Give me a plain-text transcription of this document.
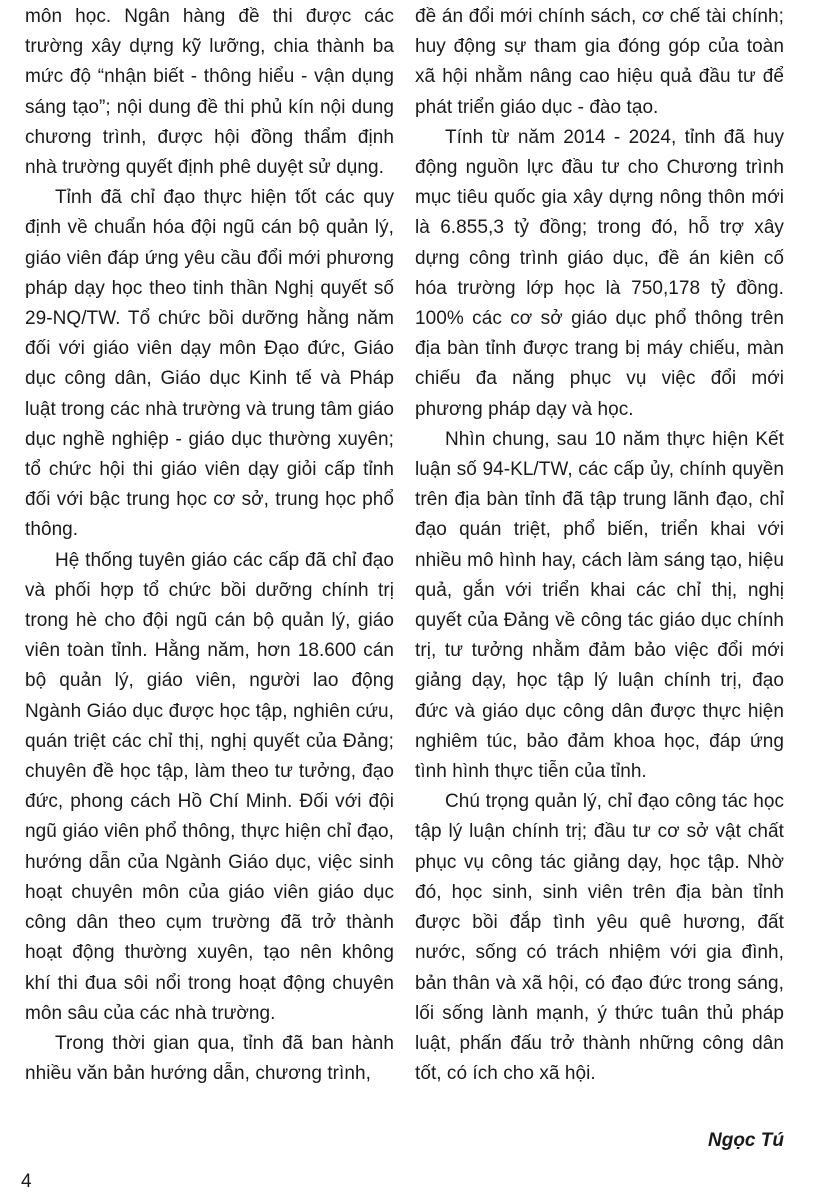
môn học. Ngân hàng đề thi được các trường xây dựng kỹ lưỡng, chia thành ba mức độ “nhận biết - thông hiểu - vận dụng sáng tạo”; nội dung đề thi phủ kín nội dung chương trình, được hội đồng thẩm định nhà trường quyết định phê duyệt sử dụng.

Tỉnh đã chỉ đạo thực hiện tốt các quy định về chuẩn hóa đội ngũ cán bộ quản lý, giáo viên đáp ứng yêu cầu đổi mới phương pháp dạy học theo tinh thần Nghị quyết số 29-NQ/TW. Tổ chức bồi dưỡng hằng năm đối với giáo viên dạy môn Đạo đức, Giáo dục công dân, Giáo dục Kinh tế và Pháp luật trong các nhà trường và trung tâm giáo dục nghề nghiệp - giáo dục thường xuyên; tổ chức hội thi giáo viên dạy giỏi cấp tỉnh đối với bậc trung học cơ sở, trung học phổ thông.

Hệ thống tuyên giáo các cấp đã chỉ đạo và phối hợp tổ chức bồi dưỡng chính trị trong hè cho đội ngũ cán bộ quản lý, giáo viên toàn tỉnh. Hằng năm, hơn 18.600 cán bộ quản lý, giáo viên, người lao động Ngành Giáo dục được học tập, nghiên cứu, quán triệt các chỉ thị, nghị quyết của Đảng; chuyên đề học tập, làm theo tư tưởng, đạo đức, phong cách Hồ Chí Minh. Đối với đội ngũ giáo viên phổ thông, thực hiện chỉ đạo, hướng dẫn của Ngành Giáo dục, việc sinh hoạt chuyên môn của giáo viên giáo dục công dân theo cụm trường đã trở thành hoạt động thường xuyên, tạo nên không khí thi đua sôi nổi trong hoạt động chuyên môn sâu của các nhà trường.

Trong thời gian qua, tỉnh đã ban hành nhiều văn bản hướng dẫn, chương trình,

đề án đổi mới chính sách, cơ chế tài chính; huy động sự tham gia đóng góp của toàn xã hội nhằm nâng cao hiệu quả đầu tư để phát triển giáo dục - đào tạo.

Tính từ năm 2014 - 2024, tỉnh đã huy động nguồn lực đầu tư cho Chương trình mục tiêu quốc gia xây dựng nông thôn mới là 6.855,3 tỷ đồng; trong đó, hỗ trợ xây dựng công trình giáo dục, đề án kiên cố hóa trường lớp học là 750,178 tỷ đồng. 100% các cơ sở giáo dục phổ thông trên địa bàn tỉnh được trang bị máy chiếu, màn chiếu đa năng phục vụ việc đổi mới phương pháp dạy và học.

Nhìn chung, sau 10 năm thực hiện Kết luận số 94-KL/TW, các cấp ủy, chính quyền trên địa bàn tỉnh đã tập trung lãnh đạo, chỉ đạo quán triệt, phổ biến, triển khai với nhiều mô hình hay, cách làm sáng tạo, hiệu quả, gắn với triển khai các chỉ thị, nghị quyết của Đảng về công tác giáo dục chính trị, tư tưởng nhằm đảm bảo việc đổi mới giảng dạy, học tập lý luận chính trị, đạo đức và giáo dục công dân được thực hiện nghiêm túc, bảo đảm khoa học, đáp ứng tình hình thực tiễn của tỉnh.

Chú trọng quản lý, chỉ đạo công tác học tập lý luận chính trị; đầu tư cơ sở vật chất phục vụ công tác giảng dạy, học tập. Nhờ đó, học sinh, sinh viên trên địa bàn tỉnh được bồi đắp tình yêu quê hương, đất nước, sống có trách nhiệm với gia đình, bản thân và xã hội, có đạo đức trong sáng, lối sống lành mạnh, ý thức tuân thủ pháp luật, phấn đấu trở thành những công dân tốt, có ích cho xã hội.

Ngọc Tú
4
